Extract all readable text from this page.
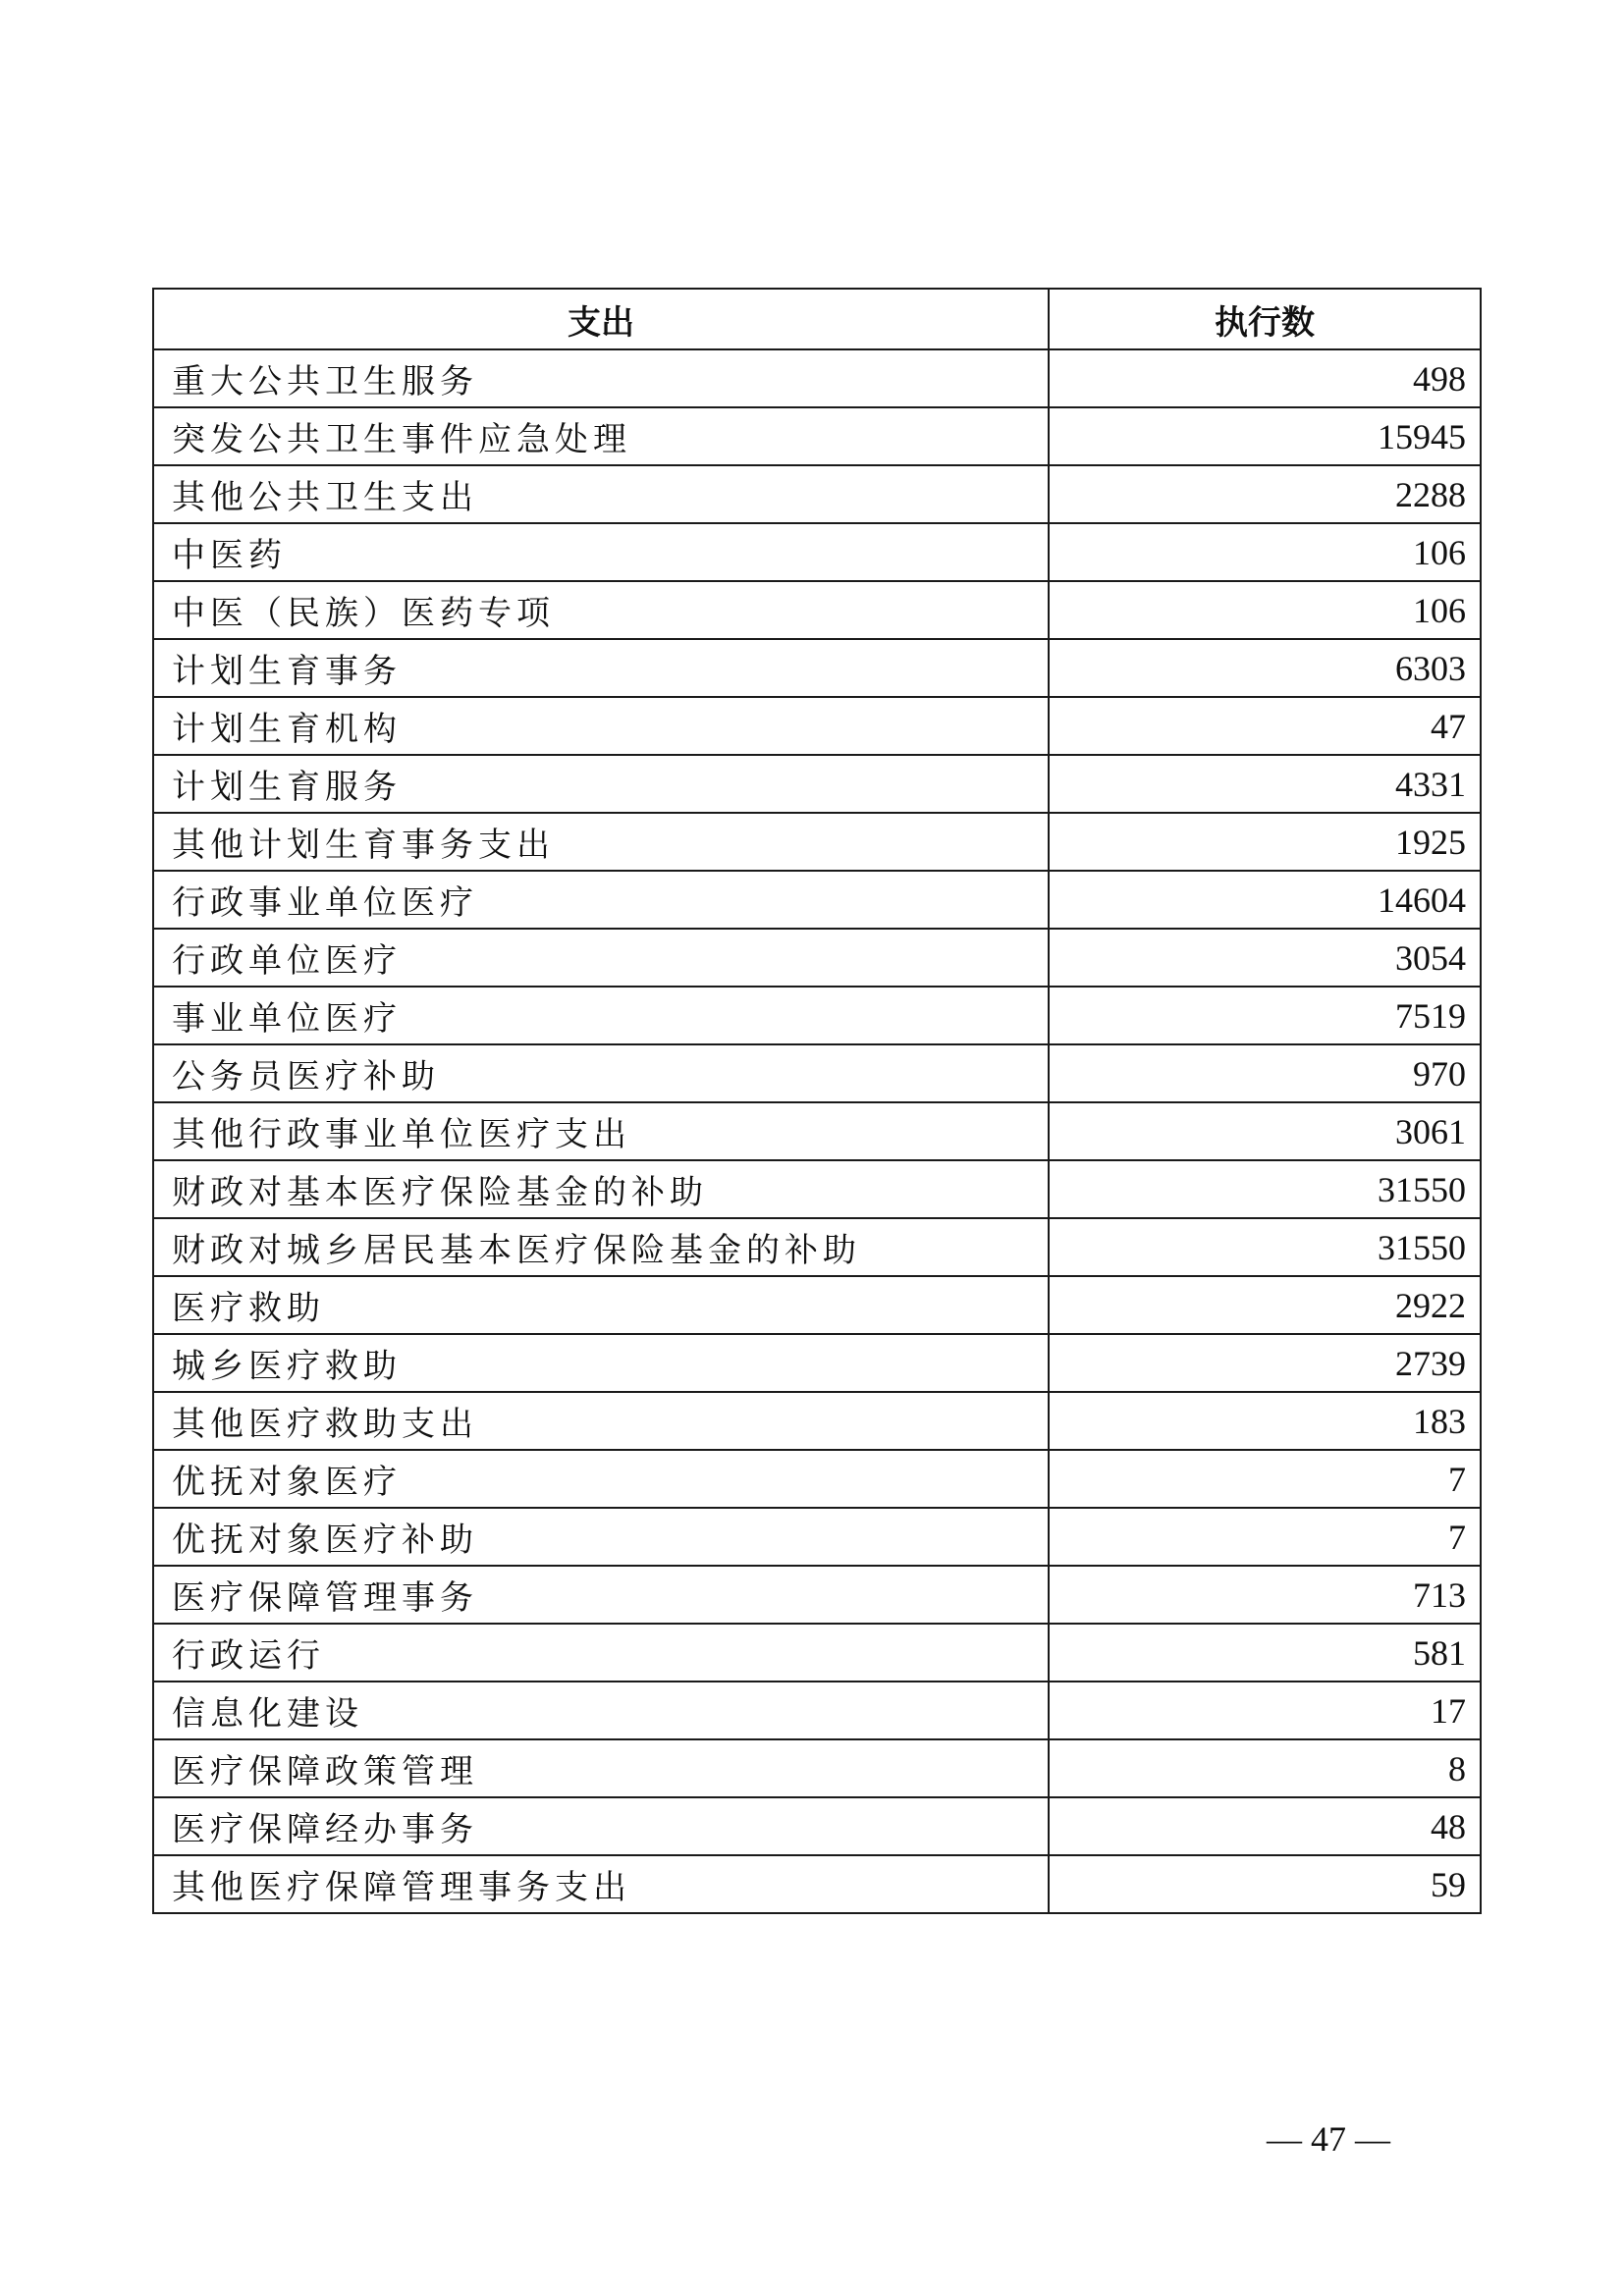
支出	执行数
重大公共卫生服务	498
突发公共卫生事件应急处理	15945
其他公共卫生支出	2288
中医药	106
中医（民族）医药专项	106
计划生育事务	6303
计划生育机构	47
计划生育服务	4331
其他计划生育事务支出	1925
行政事业单位医疗	14604
行政单位医疗	3054
事业单位医疗	7519
公务员医疗补助	970
其他行政事业单位医疗支出	3061
财政对基本医疗保险基金的补助	31550
财政对城乡居民基本医疗保险基金的补助	31550
医疗救助	2922
城乡医疗救助	2739
其他医疗救助支出	183
优抚对象医疗	7
优抚对象医疗补助	7
医疗保障管理事务	713
行政运行	581
信息化建设	17
医疗保障政策管理	8
医疗保障经办事务	48
其他医疗保障管理事务支出	59
— 47 —
